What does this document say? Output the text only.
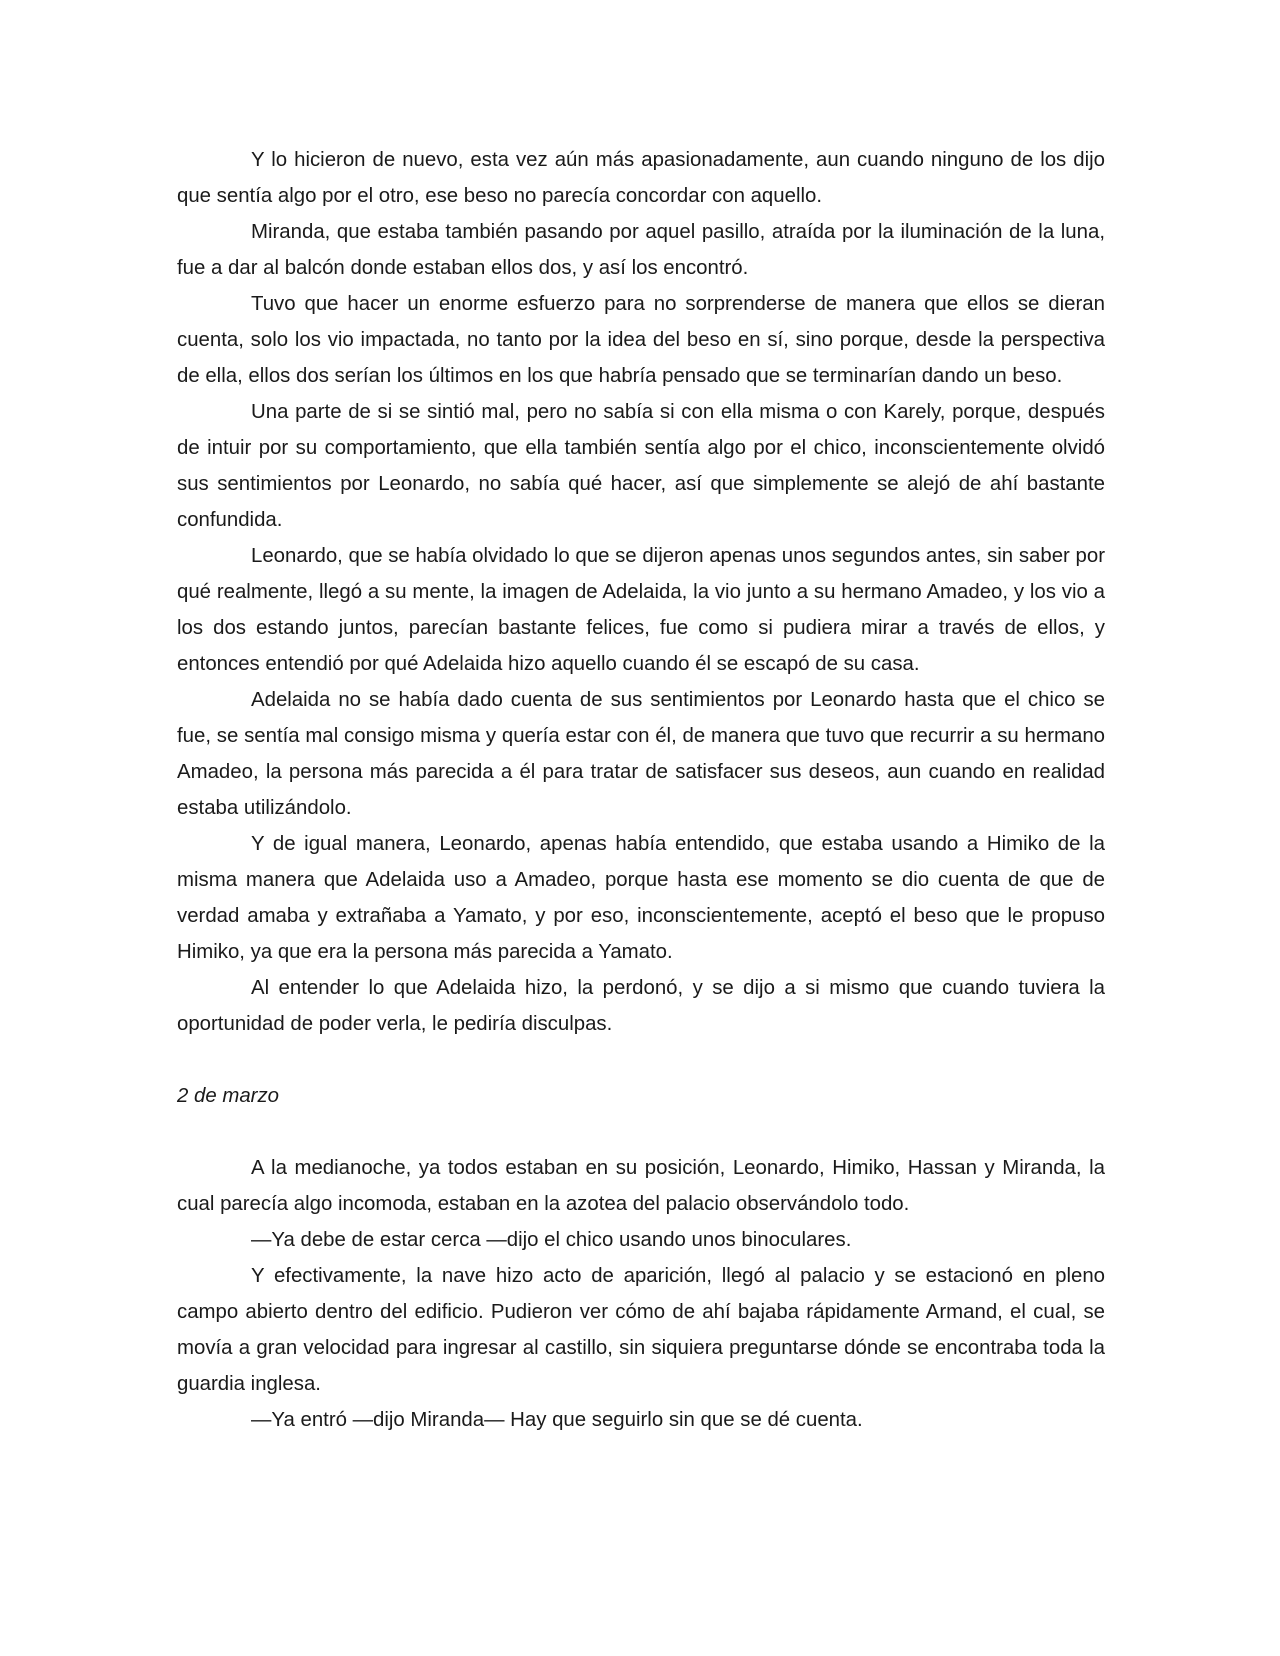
Y lo hicieron de nuevo, esta vez aún más apasionadamente, aun cuando ninguno de los dijo que sentía algo por el otro, ese beso no parecía concordar con aquello.

Miranda, que estaba también pasando por aquel pasillo, atraída por la iluminación de la luna, fue a dar al balcón donde estaban ellos dos, y así los encontró.

Tuvo que hacer un enorme esfuerzo para no sorprenderse de manera que ellos se dieran cuenta, solo los vio impactada, no tanto por la idea del beso en sí, sino porque, desde la perspectiva de ella, ellos dos serían los últimos en los que habría pensado que se terminarían dando un beso.

Una parte de si se sintió mal, pero no sabía si con ella misma o con Karely, porque, después de intuir por su comportamiento, que ella también sentía algo por el chico, inconscientemente olvidó sus sentimientos por Leonardo, no sabía qué hacer, así que simplemente se alejó de ahí bastante confundida.

Leonardo, que se había olvidado lo que se dijeron apenas unos segundos antes, sin saber por qué realmente, llegó a su mente, la imagen de Adelaida, la vio junto a su hermano Amadeo, y los vio a los dos estando juntos, parecían bastante felices, fue como si pudiera mirar a través de ellos, y entonces entendió por qué Adelaida hizo aquello cuando él se escapó de su casa.

Adelaida no se había dado cuenta de sus sentimientos por Leonardo hasta que el chico se fue, se sentía mal consigo misma y quería estar con él, de manera que tuvo que recurrir a su hermano Amadeo, la persona más parecida a él para tratar de satisfacer sus deseos, aun cuando en realidad estaba utilizándolo.

Y de igual manera, Leonardo, apenas había entendido, que estaba usando a Himiko de la misma manera que Adelaida uso a Amadeo, porque hasta ese momento se dio cuenta de que de verdad amaba y extrañaba a Yamato, y por eso, inconscientemente, aceptó el beso que le propuso Himiko, ya que era la persona más parecida a Yamato.

Al entender lo que Adelaida hizo, la perdonó, y se dijo a si mismo que cuando tuviera la oportunidad de poder verla, le pediría disculpas.

2 de marzo

A la medianoche, ya todos estaban en su posición, Leonardo, Himiko, Hassan y Miranda, la cual parecía algo incomoda, estaban en la azotea del palacio observándolo todo.

—Ya debe de estar cerca —dijo el chico usando unos binoculares.

Y efectivamente, la nave hizo acto de aparición, llegó al palacio y se estacionó en pleno campo abierto dentro del edificio. Pudieron ver cómo de ahí bajaba rápidamente Armand, el cual, se movía a gran velocidad para ingresar al castillo, sin siquiera preguntarse dónde se encontraba toda la guardia inglesa.

—Ya entró —dijo Miranda— Hay que seguirlo sin que se dé cuenta.
